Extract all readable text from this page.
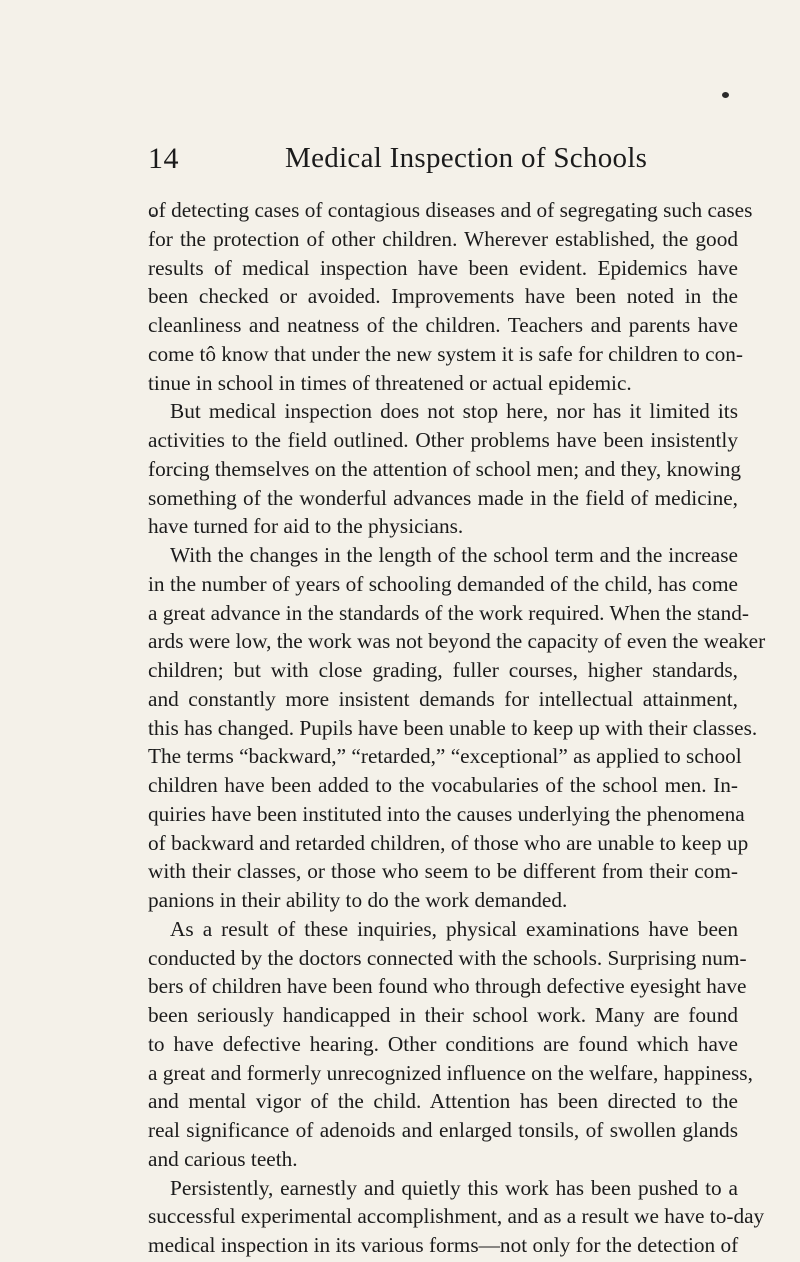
14	Medical Inspection of Schools
of detecting cases of contagious diseases and of segregating such cases
for the protection of other children. Wherever established, the good
results of medical inspection have been evident. Epidemics have
been checked or avoided. Improvements have been noted in the
cleanliness and neatness of the children. Teachers and parents have
come tô know that under the new system it is safe for children to con-
tinue in school in times of threatened or actual epidemic.
But medical inspection does not stop here, nor has it limited its
activities to the field outlined. Other problems have been insistently
forcing themselves on the attention of school men; and they, knowing
something of the wonderful advances made in the field of medicine,
have turned for aid to the physicians.
With the changes in the length of the school term and the increase
in the number of years of schooling demanded of the child, has come
a great advance in the standards of the work required. When the stand-
ards were low, the work was not beyond the capacity of even the weaker
children; but with close grading, fuller courses, higher standards,
and constantly more insistent demands for intellectual attainment,
this has changed. Pupils have been unable to keep up with their classes.
The terms “backward,” “retarded,” “exceptional” as applied to school
children have been added to the vocabularies of the school men. In-
quiries have been instituted into the causes underlying the phenomena
of backward and retarded children, of those who are unable to keep up
with their classes, or those who seem to be different from their com-
panions in their ability to do the work demanded.
As a result of these inquiries, physical examinations have been
conducted by the doctors connected with the schools. Surprising num-
bers of children have been found who through defective eyesight have
been seriously handicapped in their school work. Many are found
to have defective hearing. Other conditions are found which have
a great and formerly unrecognized influence on the welfare, happiness,
and mental vigor of the child. Attention has been directed to the
real significance of adenoids and enlarged tonsils, of swollen glands
and carious teeth.
Persistently, earnestly and quietly this work has been pushed to a
successful experimental accomplishment, and as a result we have to-day
medical inspection in its various forms—not only for the detection of
